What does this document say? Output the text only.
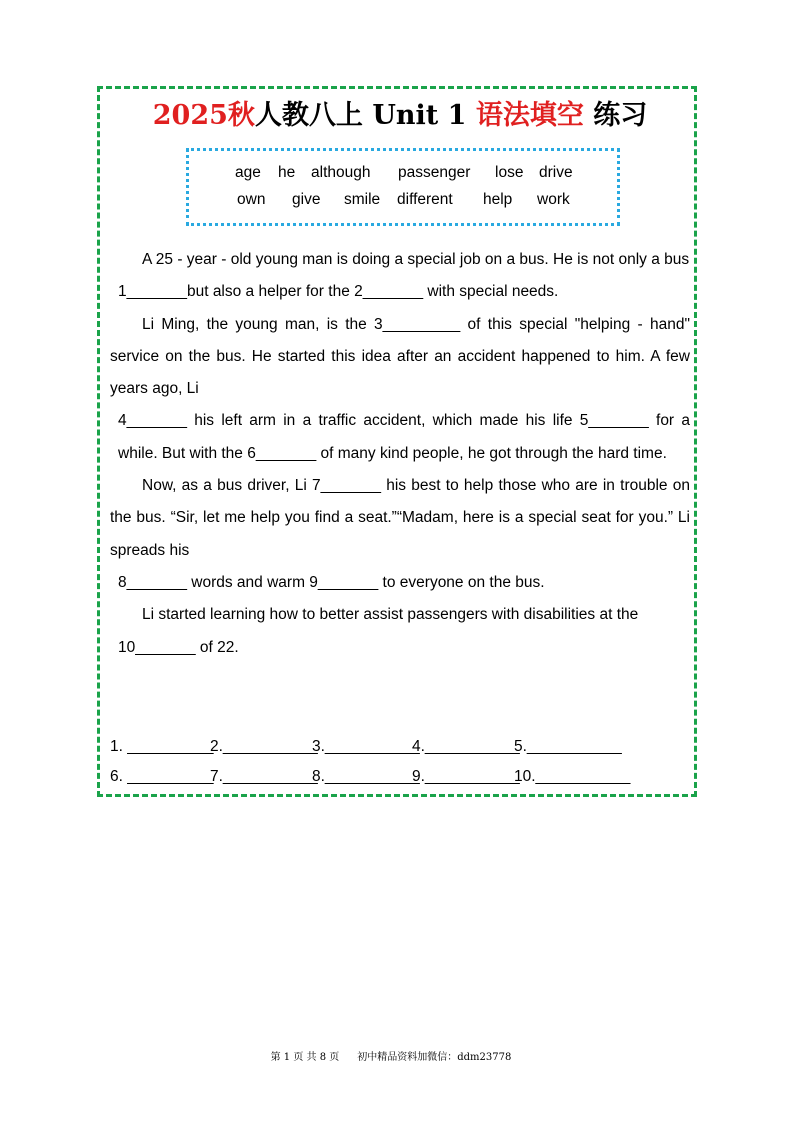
2025秋人教八上 Unit 1 语法填空 练习
age he although passenger lose drive
own give smile different help work

A 25 - year - old young man is doing a special job on a bus. He is not only a bus

1_______but also a helper for the 2_______ with special needs.

Li Ming, the young man, is the 3_________ of this special "helping - hand" service on the bus. He started this idea after an accident happened to him. A few years ago, Li

4_______ his left arm in a traffic accident, which made his life 5_______ for a while. But with the 6_______ of many kind people, he got through the hard time.

Now, as a bus driver, Li 7_______ his best to help those who are in trouble on the bus. “Sir, let me help you find a seat.”“Madam, here is a special seat for you.” Li spreads his

8_______ words and warm 9_______ to everyone on the bus.

Li started learning how to better assist passengers with disabilities at the

10_______ of 22.

1. __________
2.___________
3.___________
4.___________
5.___________
6. __________
7.___________
8.___________
9.___________
10.___________
第 1 页 共 8 页 初中精品资料加微信：ddm23778
